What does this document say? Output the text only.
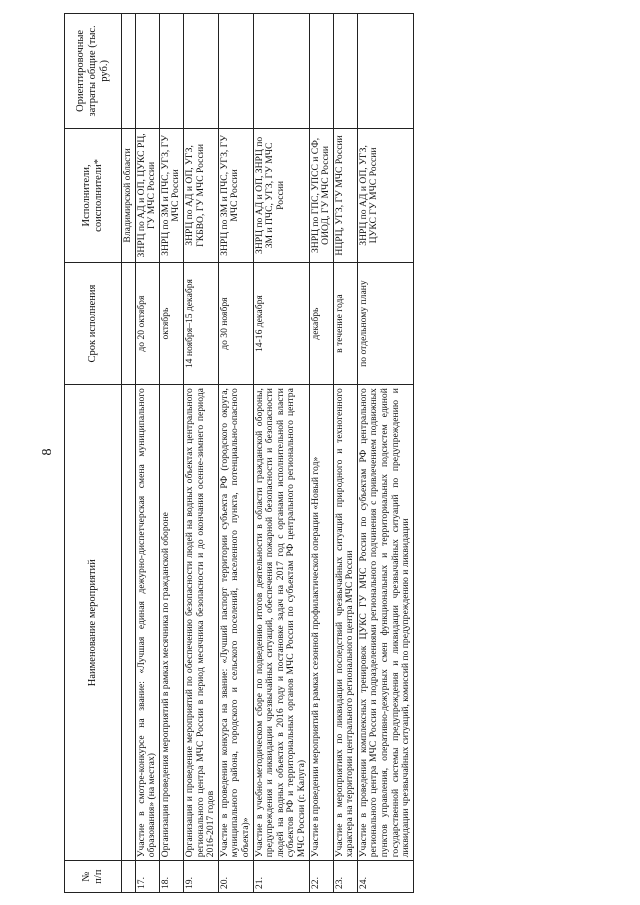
8
№
п/п	Наименование мероприятий	Срок исполнения	Исполнители, соисполнители*	Ориентировочные затраты общие (тыс. руб.)
			Владимирской области	
17.	Участие в смотре-конкурсе на звание: «Лучшая единая дежурно-диспетчерская смена муниципального образования» (на местах)	до 20 октября	ЗНРЦ по АД и ОП, ЦУКС РЦ, ГУ МЧС России	
18.	Организация проведения мероприятий в рамках месячника по гражданской обороне	октябрь	ЗНРЦ по ЗМ и ПЧС, УГЗ, ГУ МЧС России	
19.	Организация и проведение мероприятий по обеспечению безопасности людей на водных объектах центрального регионального центра МЧС России в период месячника безопасности и до окончания осенне-зимнего периода 2016-2017 годов	14 ноября–15 декабря	ЗНРЦ по АД и ОП, УГЗ, ГКБВО, ГУ МЧС России	
20.	Участие в проведении конкурса на звание: «Лучший паспорт территории субъекта РФ (городского округа, муниципального района, городского и сельского поселений, населенного пункта, потенциально-опасного объекта)»	до 30 ноября	ЗНРЦ по ЗМ и ПЧС, УГЗ, ГУ МЧС России	
21.	Участие в учебно-методическом сборе по подведению итогов деятельности в области гражданской обороны, предупреждения и ликвидации чрезвычайных ситуаций, обеспечения пожарной безопасности и безопасности людей на водных объектах в 2016 году и постановке задач на 2017 год с органами исполнительной власти субъектов РФ и территориальных органов МЧС России по субъектам РФ центрального регионального центра МЧС России (г. Калуга)	14-16 декабря	ЗНРЦ по АД и ОП, ЗНРЦ по ЗМ и ПЧС, УГЗ, ГУ МЧС России	
22.	Участие в проведении мероприятий в рамках сезонной профилактической операции «Новый год»	декабрь	ЗНРЦ по ГПС, УПСС и СФ, ОИОД, ГУ МЧС России	
23.	Участие в мероприятиях по ликвидации последствий чрезвычайных ситуаций природного и техногенного характера на территории центрального регионального центра МЧС России	в течение года	НЦРЦ, УГЗ, ГУ МЧС России	
24.	Участие в проведении комплексных тренировок ЦУКС ГУ МЧС России по субъектам РФ центрального регионального центра МЧС России и подразделениями регионального подчинения с привлечением подвижных пунктов управления, оперативно-дежурных смен функциональных и территориальных подсистем единой государственной системы предупреждения и ликвидации чрезвычайных ситуаций по предупреждению и ликвидации чрезвычайных ситуаций, комиссий по предупреждению и ликвидации	по отдельному плану	ЗНРЦ по АД и ОП, УГЗ, ЦУКС ГУ МЧС России	
